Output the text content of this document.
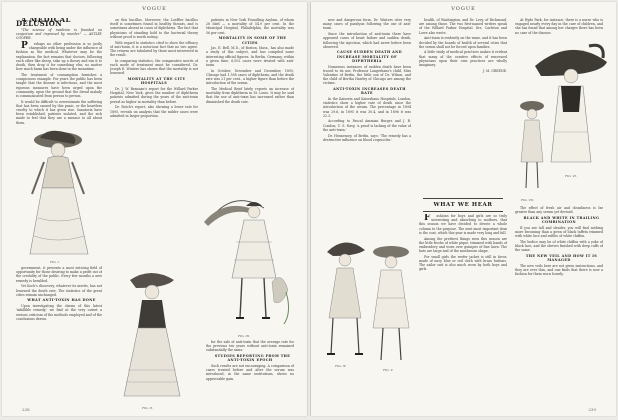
VOGUE

A MEDICAL DELUSION

"The science of medicine is founded on conjecture and improved by murder." — ASTLEY COOPER.

Perhaps no other profession is so justly chargeable with being under the influence of fashion as the medical. Whatever may be the explanation, the fact remains that doctors, following each other like sheep, take up a theory and run it to death, then drop it for something else, no matter how much harm has been done in the meantime.

The treatment of consumption furnishes a conspicuous example. For years the public has been taught that the disease is infectious, and the most rigorous measures have been urged upon the community, upon the ground that the dread malady is communicated from person to person.

It would be difficult to overestimate the suffering that has been caused by this panic, or the heartless cruelty to which it has given rise. Sanatoria have been established, patients isolated, and the sick made to feel that they are a menace to all about them.

FIG. I.

government, it presents a most enticing field of opportunity for those desiring to make a profit out of the credulity of the public. Every few months a new remedy is heralded.

Yet Koch's discovery, whatever its merits, has not lessened the death rate. The statistics of the great cities remain unchanged.

WHAT ANTI-TOXIN HAS DONE

Upon investigating the claims of this latest 'infallible remedy,' we find at the very outset a serious criticism of the methods employed and of the conclusions drawn.

on this bacillus. Moreover, the Loeffler bacillus itself is sometimes found in healthy throats, and is sometimes absent in cases of diphtheria. The fact that physicians of standing hold to the bacterial theory without proof is worth noting.

With regard to statistics cited to show the efficacy of anti-toxin, it is a notorious fact that no two agree. The returns are tabulated by those most interested in the result.

In comparing statistics, the comparative merits of each mode of treatment must be considered. Dr. Joseph E. Winters has shown that the mortality is not lessened.

MORTALITY AT THE CITY HOSPITALS

Dr. J. W. Brannan's report for the Willard Parker Hospital, New York, gives the number of diphtheria patients admitted during the years of the anti-toxin period as higher in mortality than before.

Dr. Rotch's report, also showing a lower rate for 1895, reveals on analysis that the milder cases were admitted in larger proportion.

FIG. II.

patients in New York Foundling Asylum, of whom 28 died — a mortality of 54.9 per cent. In the Municipal Hospital, Philadelphia, the mortality was 56 per cent.

MORTALITY IN SOME OF THE CITIES

Jas. E. Bell, M.D., of Boston, Mass., has also made a study of this subject, and has compiled some interesting official figures. In Berlin, Germany, within a given time, 6,502 cases were treated with anti-toxin.

In October, November and December, 1895, Chicago had 1,558 cases of diphtheria, and the death rate was 21 per cent., a higher figure than before the introduction of the serum.

The Medical Brief lately reports an increase of mortality from diphtheria in St. Louis. It may be said that the use of anti-toxin has increased rather than diminished the death rate.

FIG. III.

for the sale of anti-toxin that the average rate for the previous ten years without anti-toxin remained substantially the same.

STUDIES REPORTING FROM THE ANTI-TOXIN EPOCH

Such results are not encouraging. A comparison of cases treated before and after the serum was introduced, in the same institutions, shows no appreciable gain.

238
VOGUE

new and dangerous form. Dr. Winters cites very many cases of paralysis following the use of anti-toxin.

Since the introduction of anti-toxin there have appeared cases of heart failure and sudden death, following the injection, which had never before been observed.

CAUSE SUDDEN DEATH AND INCREASE MORTALITY OF DIPHTHERIA

Numerous instances of sudden death have been traced to its use. Professor Langerhans's child, Miss Valentine of Berlin, the little son of Dr. Wilson, and the child of Bertha Hawley of Chicago are among the victims.

ANTI-TOXIN INCREASES DEATH RATE

In the Kaiserin and Kaiserhaus Hospitals, London, statistics show a higher rate of death since the introduction of the serum. The percentage in 1894 was 29.6, in 1895 it was 30.4, and in 1896 it was 32.3.

According to Pascal Ammian Burges and J. R. Condon, U. S. Navy, 'a proof is lacking of the value of the anti-toxin.'

Dr. Hennessey, of Berlin, says: 'The remedy has a destructive influence on blood corpuscles.'

FIG. IV.
FIG. V.

health, of Washington, and Dr. Levy, of Richmond, are among those. The two first-named writers speak of the Willard Parker Hospital. Drs. Carleton and Lowe also wrote.

Anti-toxin is evidently on the wane, and it has been decided by the boards of health of several cities that the serum shall not be forced upon families.

A little study of medical practices makes it evident that many of the curative effects of renowned physicians upon their own practices are wholly imaginary.

J. M. GREENE.

WHAT WE HEAR

Fashions for boys and girls are so truly interesting and absorbing to mothers, that this season we have decided to devote a whole column to the purpose. The next most important item is the coat, which this year is made very long and full.

Among the prettiest things seen this season are the little frocks of white pique, trimmed with bands of embroidery and worn over guimpes of fine lawn. The hats are large and of the mushroom shape.

For small girls the reefer jacket is still in favor, made of navy blue or red cloth with brass buttons. The sailor suit is also much worn by both boys and girls.

At Hyde Park, for instance, there is a nurse who is engaged nearly every day in the care of children, and she has found that among her charges there has been no case of the disease.

FIG. VI.
FIG. VII.

The effect of fresh air and cleanliness is far greater than any serum yet devised.

BLACK AND WHITE IN TRAILING COMBINATION

If you are tall and slender, you will find nothing more becoming than a gown of black taffeta trimmed with white lace and ruffles of white chiffon.

The bodice may be of white chiffon with a yoke of black lace, and the sleeves finished with deep cuffs of the same.

THE NEW VEIL AND HOW IT IS MANAGED

The new veils here are not given instructions, and they are ever thin, and one finds that there is now a fashion for them worn loosely.

239
